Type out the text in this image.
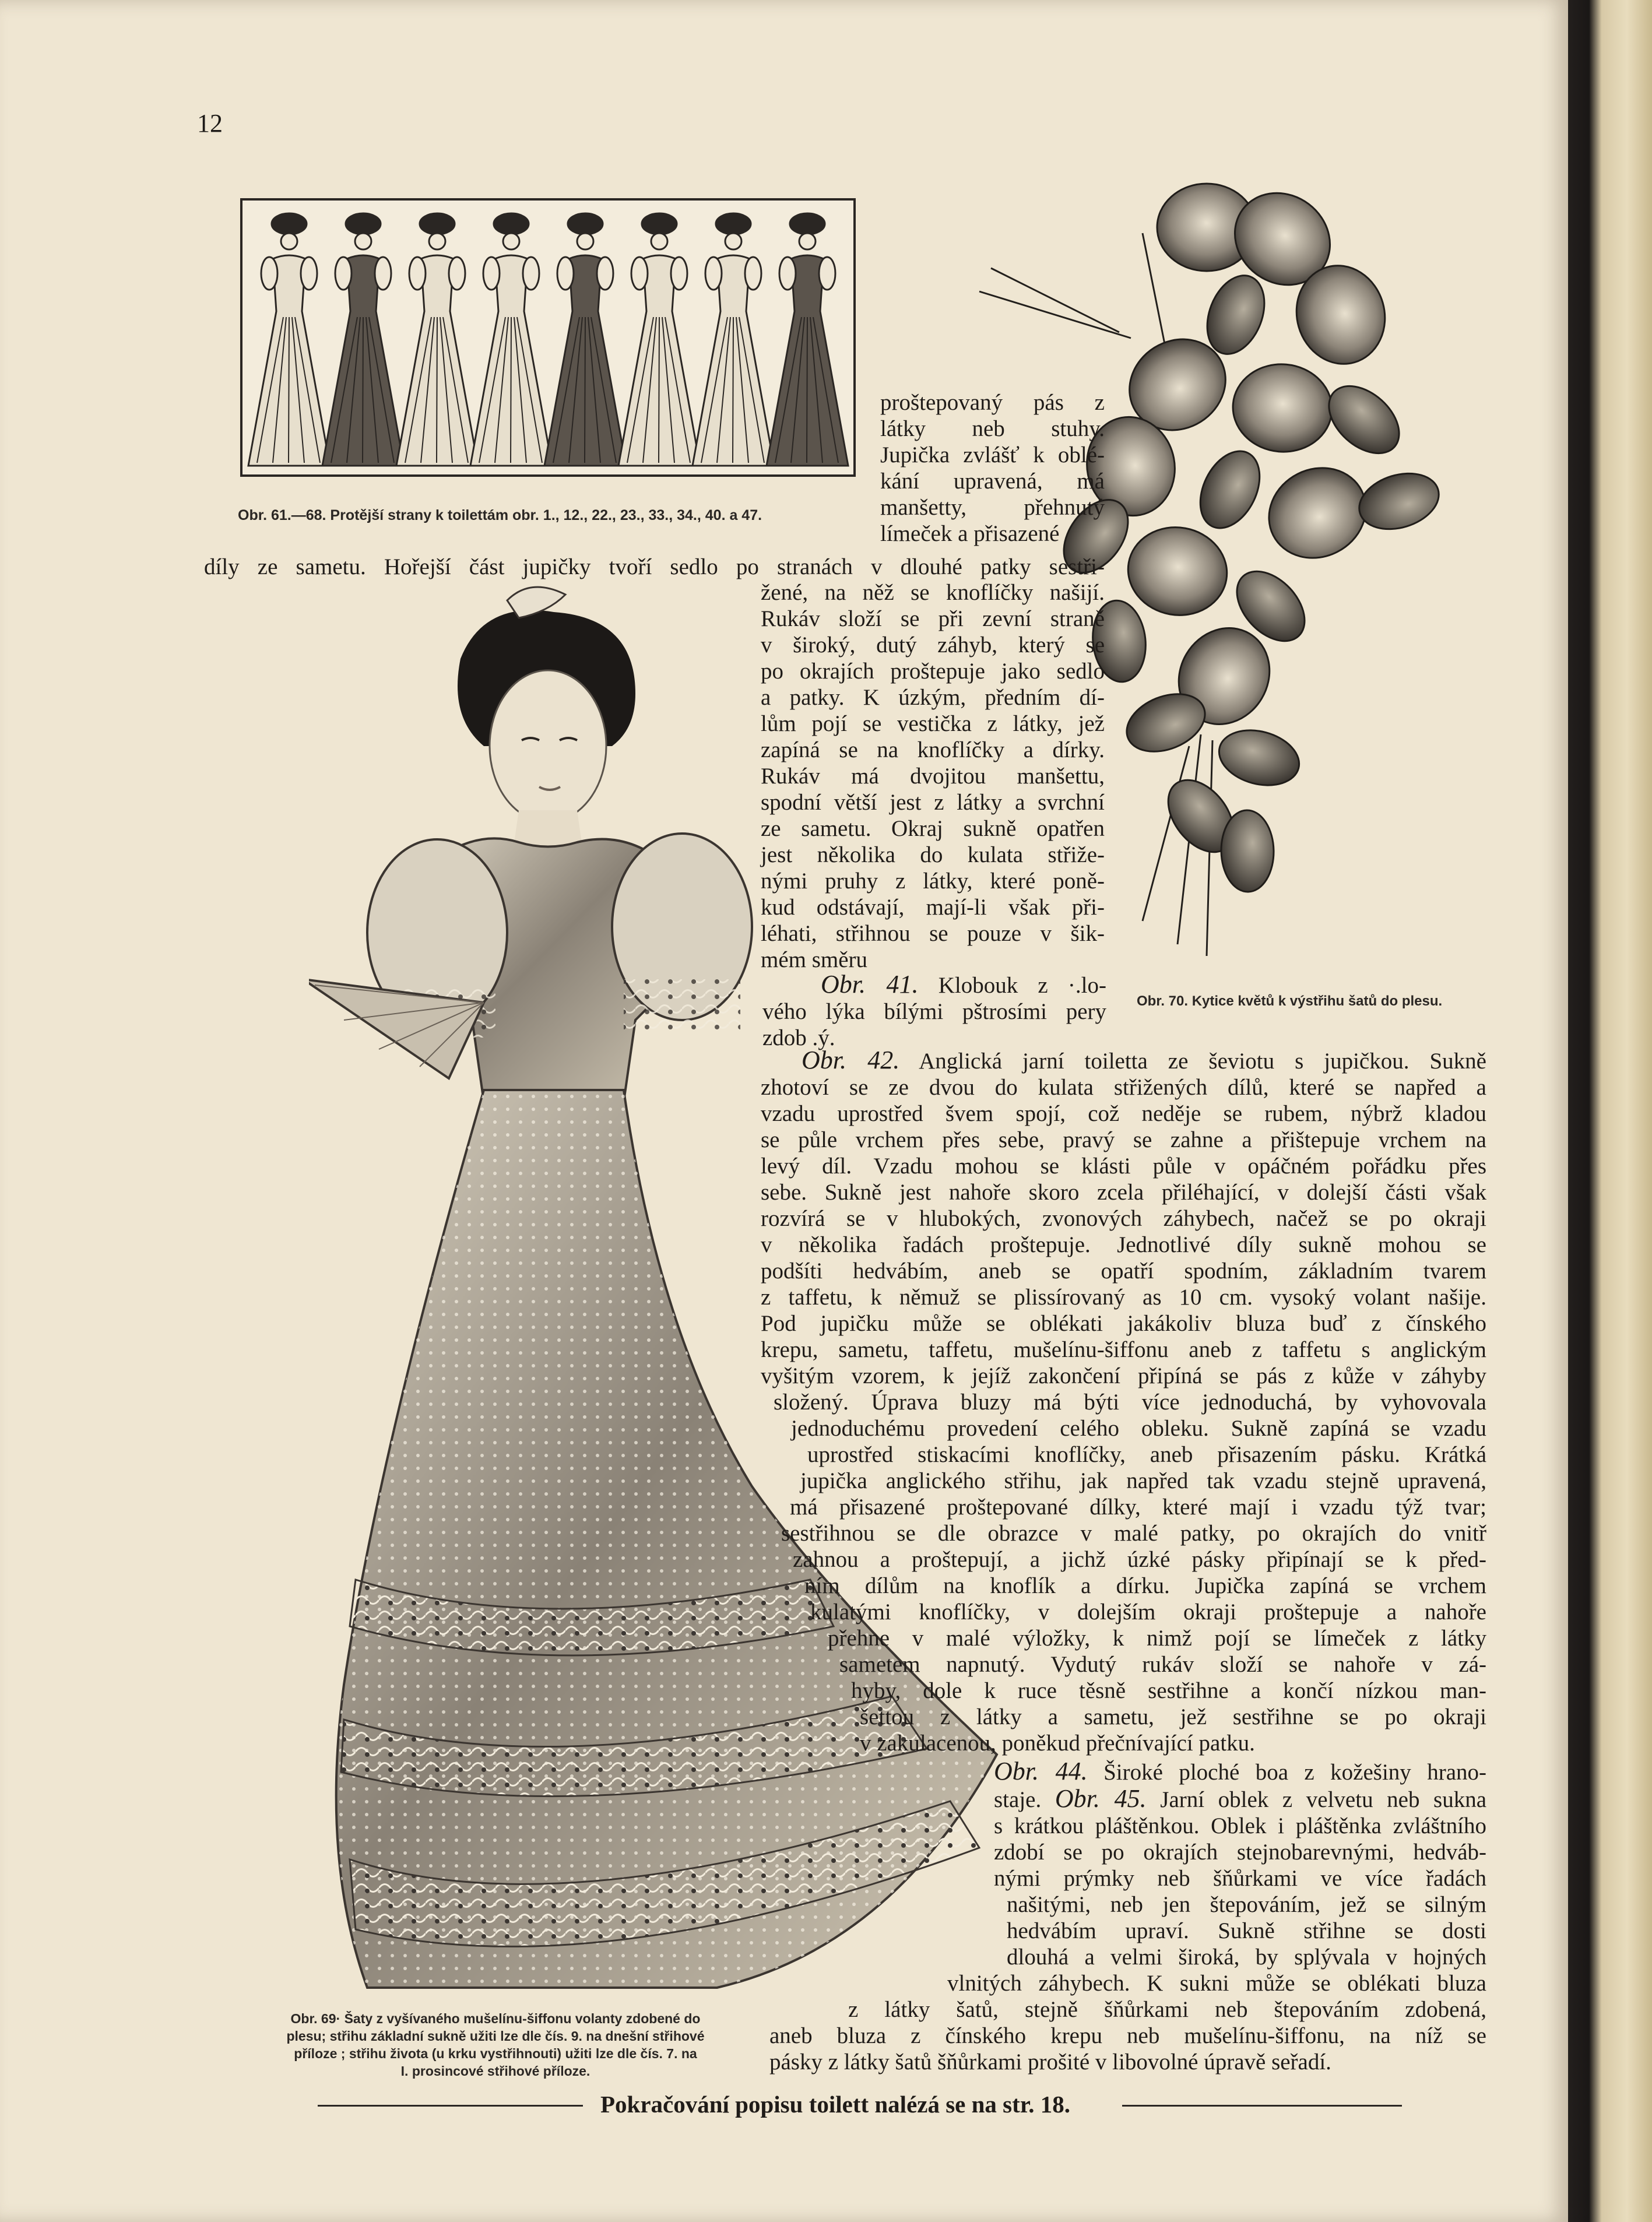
12
Obr. 61.—68. Protější strany k toilettám obr. 1., 12., 22., 23., 33., 34., 40. a 47.
Obr. 70. Kytice květů k výstřihu šatů do plesu.
Obr. 69· Šaty z vyšívaného mušelínu-šiffonu volanty zdobené do
plesu; střihu základní sukně užiti lze dle čís. 9. na dnešní střihové
příloze ; střihu života (u krku vystřihnouti) užiti lze dle čís. 7. na
I. prosincové střihové příloze.
proštepovaný pás z
látky neb stuhy.
Jupička zvlášť k oblé-
kání upravená, má
manšetty, přehnutý
límeček a přisazené
díly ze sametu. Hořejší část jupičky tvoří sedlo po stranách v dlouhé patky sestři-
žené, na něž se knoflíčky našijí.
Rukáv složí se při zevní straně
v široký, dutý záhyb, který se
po okrajích proštepuje jako sedlo
a patky. K úzkým, předním dí-
lům pojí se vestička z látky, jež
zapíná se na knoflíčky a dírky.
Rukáv má dvojitou manšettu,
spodní větší jest z látky a svrchní
ze sametu. Okraj sukně opatřen
jest několika do kulata střiže-
nými pruhy z látky, které poně-
kud odstávají, mají-li však při-
léhati, střihnou se pouze v šik-
mém směru
Obr. 41. Klobouk z ·.lo-
vého lýka bílými pštrosími pery
zdob .ý.
Obr. 42. Anglická jarní toiletta ze ševiotu s jupičkou. Sukně
zhotoví se ze dvou do kulata střižených dílů, které se napřed a
vzadu uprostřed švem spojí, což neděje se rubem, nýbrž kladou
se půle vrchem přes sebe, pravý se zahne a přištepuje vrchem na
levý díl. Vzadu mohou se klásti půle v opáčném pořádku přes
sebe. Sukně jest nahoře skoro zcela přiléhající, v dolejší části však
rozvírá se v hlubokých, zvonových záhybech, načež se po okraji
v několika řadách proštepuje. Jednotlivé díly sukně mohou se
podšíti hedvábím, aneb se opatří spodním, základním tvarem
z taffetu, k němuž se plissírovaný as 10 cm. vysoký volant našije.
Pod jupičku může se oblékati jakákoliv bluza buď z čínského
krepu, sametu, taffetu, mušelínu-šiffonu aneb z taffetu s anglickým
vyšitým vzorem, k jejíž zakončení připíná se pás z kůže v záhyby
složený. Úprava bluzy má býti více jednoduchá, by vyhovovala
jednoduchému provedení celého obleku. Sukně zapíná se vzadu
uprostřed stiskacími knoflíčky, aneb přisazením pásku. Krátká
jupička anglického střihu, jak napřed tak vzadu stejně upravená,
má přisazené proštepované dílky, které mají i vzadu týž tvar;
sestřihnou se dle obrazce v malé patky, po okrajích do vnitř
zahnou a proštepují, a jichž úzké pásky připínají se k před-
ním dílům na knoflík a dírku. Jupička zapíná se vrchem
kulatými knoflíčky, v dolejším okraji proštepuje a nahoře
přehne v malé výložky, k nimž pojí se límeček z látky
sametem napnutý. Vydutý rukáv složí se nahoře v zá-
hyby, dole k ruce těsně sestřihne a končí nízkou man-
šettou z látky a sametu, jež sestřihne se po okraji
v zakulacenou, poněkud přečnívající patku.
Obr. 44. Široké ploché boa z kožešiny hrano-
staje. Obr. 45. Jarní oblek z velvetu neb sukna
s krátkou pláštěnkou. Oblek i pláštěnka zvláštního
zdobí se po okrajích stejnobarevnými, hedváb-
nými prýmky neb šňůrkami ve více řadách
našitými, neb jen štepováním, jež se silným
hedvábím upraví. Sukně střihne se dosti
dlouhá a velmi široká, by splývala v hojných
vlnitých záhybech. K sukni může se oblékati bluza
z látky šatů, stejně šňůrkami neb štepováním zdobená,
aneb bluza z čínského krepu neb mušelínu-šiffonu, na níž se
pásky z látky šatů šňůrkami prošité v libovolné úpravě seřadí.
Pokračování popisu toilett nalézá se na str. 18.
